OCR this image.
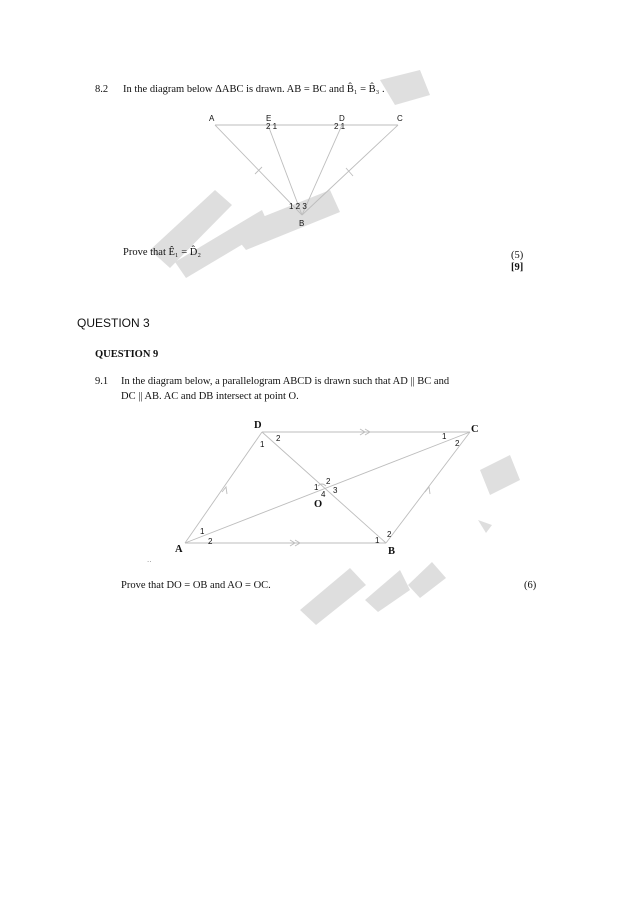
8.2 In the diagram below ΔABC is drawn. AB = BC and B̂₁ = B̂₃ .
A	E
2 1
D
2 1
C
1 2 3
B
Prove that Ê₁ = D̂₂	(5)
[9]
QUESTION 3
QUESTION 9
9.1 In the diagram below, a parallelogram ABCD is drawn such that AD || BC and
DC || AB. AC and DB intersect at point O.
D	C
A	B
O
1
2	1
2
1
2	1
2
1
2
3
4
..
Prove that DO = OB and AO = OC.	(6)
